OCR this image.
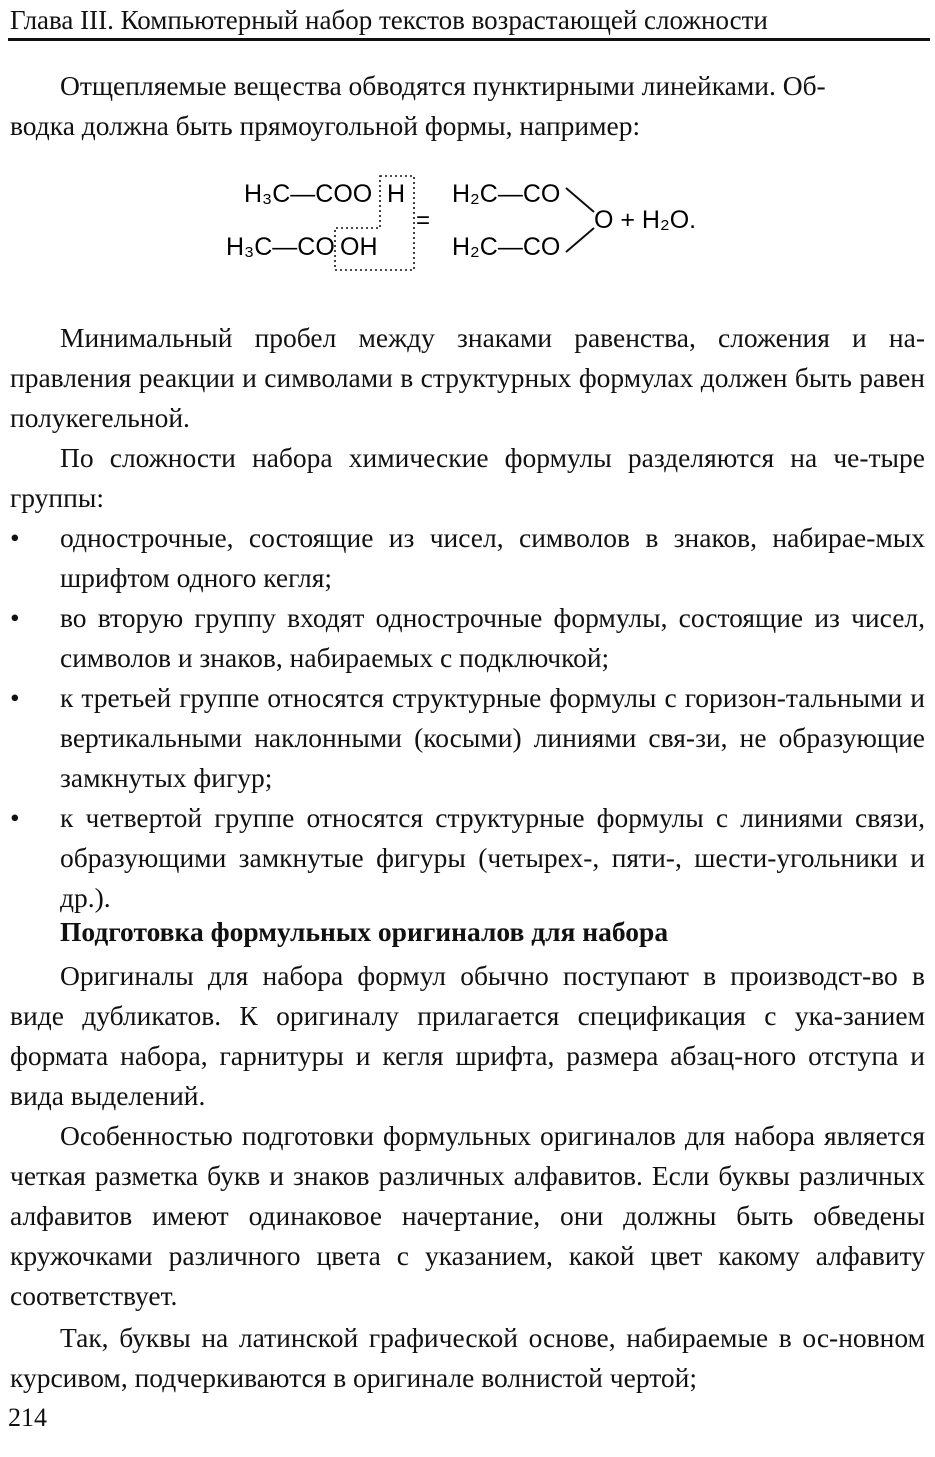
Глава III. Компьютерный набор текстов возрастающей сложности

Отщепляемые вещества обводятся пунктирными линейками. Об-
водка должна быть прямоугольной формы, например:

H₃C—COO H
H₃C—CO OH
=
H₂C—CO
H₂C—CO
O + H₂O.

Минимальный пробел между знаками равенства, сложения и на-правления реакции и символами в структурных формулах должен быть равен полукегельной.

По сложности набора химические формулы разделяются на че-тыре группы:

•	однострочные, состоящие из чисел, символов в знаков, набирае-мых шрифтом одного кегля;
•	во вторую группу входят однострочные формулы, состоящие из чисел, символов и знаков, набираемых с подключкой;
•	к третьей группе относятся структурные формулы с горизон-тальными и вертикальными наклонными (косыми) линиями свя-зи, не образующие замкнутых фигур;
•	к четвертой группе относятся структурные формулы с линиями связи, образующими замкнутые фигуры (четырех-, пяти-, шести-угольники и др.).
Подготовка формульных оригиналов для набора

Оригиналы для набора формул обычно поступают в производст-во в виде дубликатов. К оригиналу прилагается спецификация с ука-занием формата набора, гарнитуры и кегля шрифта, размера абзац-ного отступа и вида выделений.

Особенностью подготовки формульных оригиналов для набора является четкая разметка букв и знаков различных алфавитов. Если буквы различных алфавитов имеют одинаковое начертание, они должны быть обведены кружочками различного цвета с указанием, какой цвет какому алфавиту соответствует.

Так, буквы на латинской графической основе, набираемые в ос-новном курсивом, подчеркиваются в оригинале волнистой чертой;

214
